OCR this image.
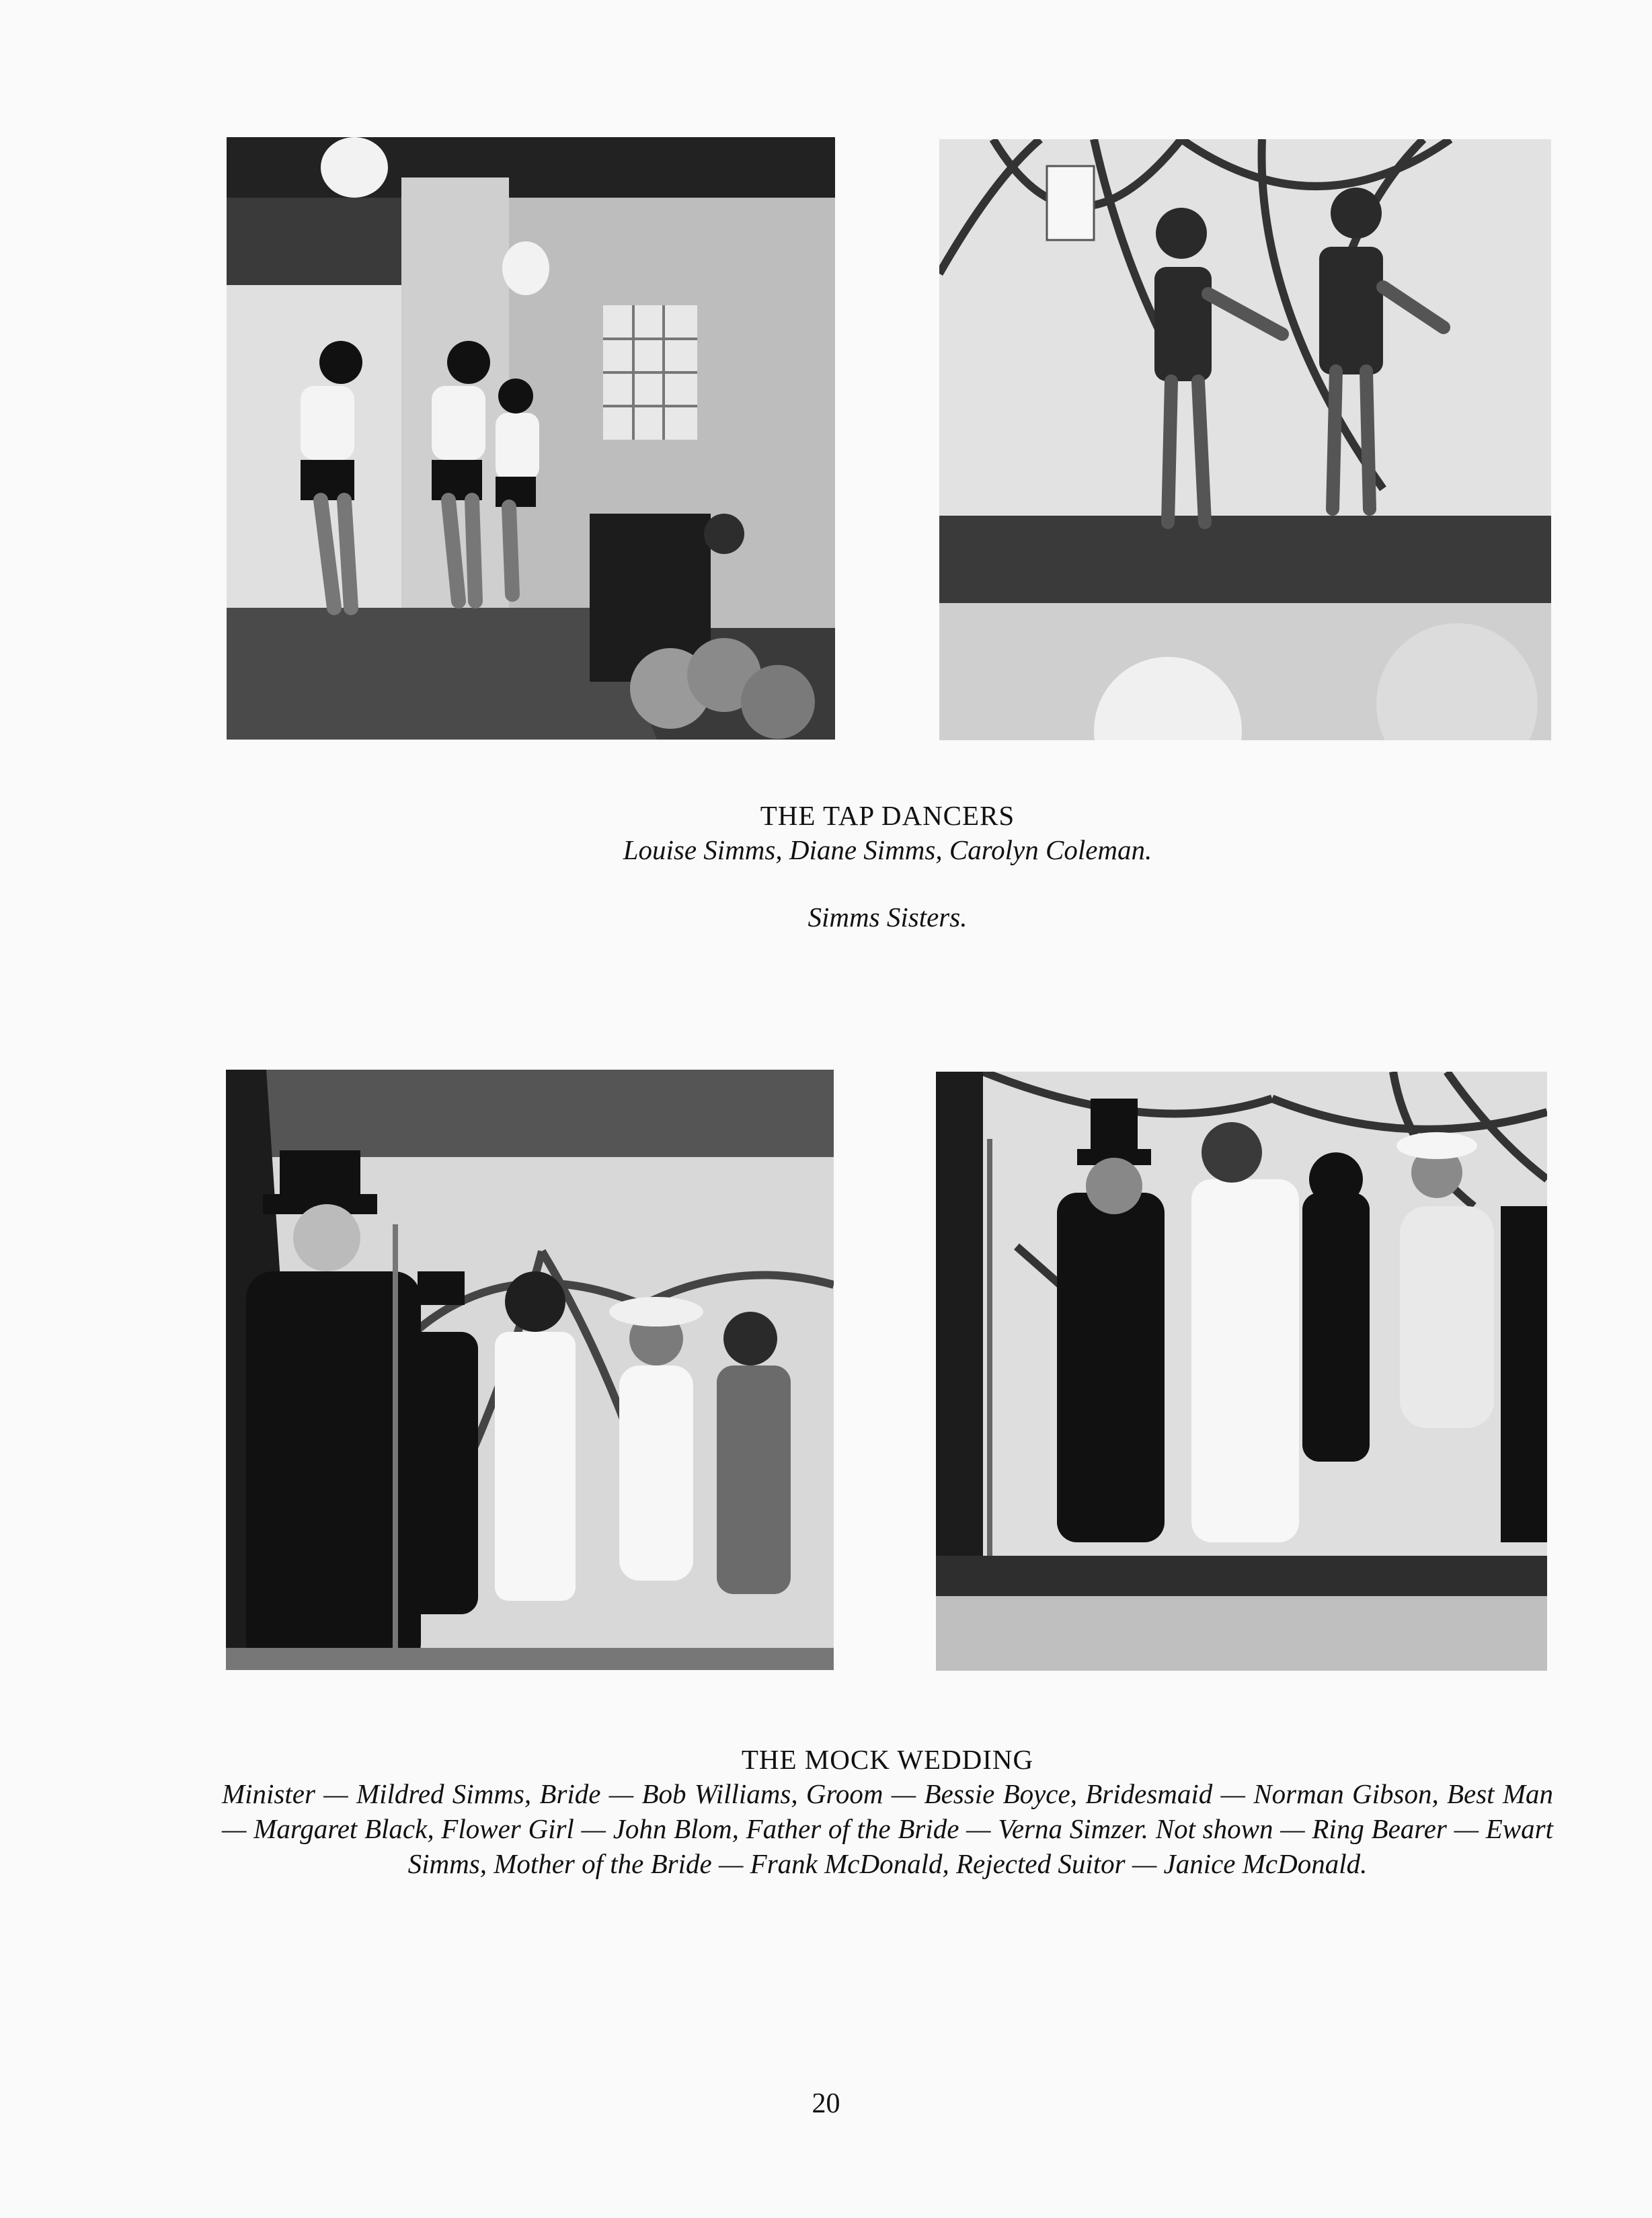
THE TAP DANCERS
Louise Simms, Diane Simms, Carolyn Coleman.
Simms Sisters.
THE MOCK WEDDING
Minister — Mildred Simms, Bride — Bob Williams, Groom — Bessie Boyce, Bridesmaid — Norman Gibson, Best Man — Margaret Black, Flower Girl — John Blom, Father of the Bride — Verna Simzer. Not shown — Ring Bearer — Ewart Simms, Mother of the Bride — Frank McDonald, Rejected Suitor — Janice McDonald.
20
